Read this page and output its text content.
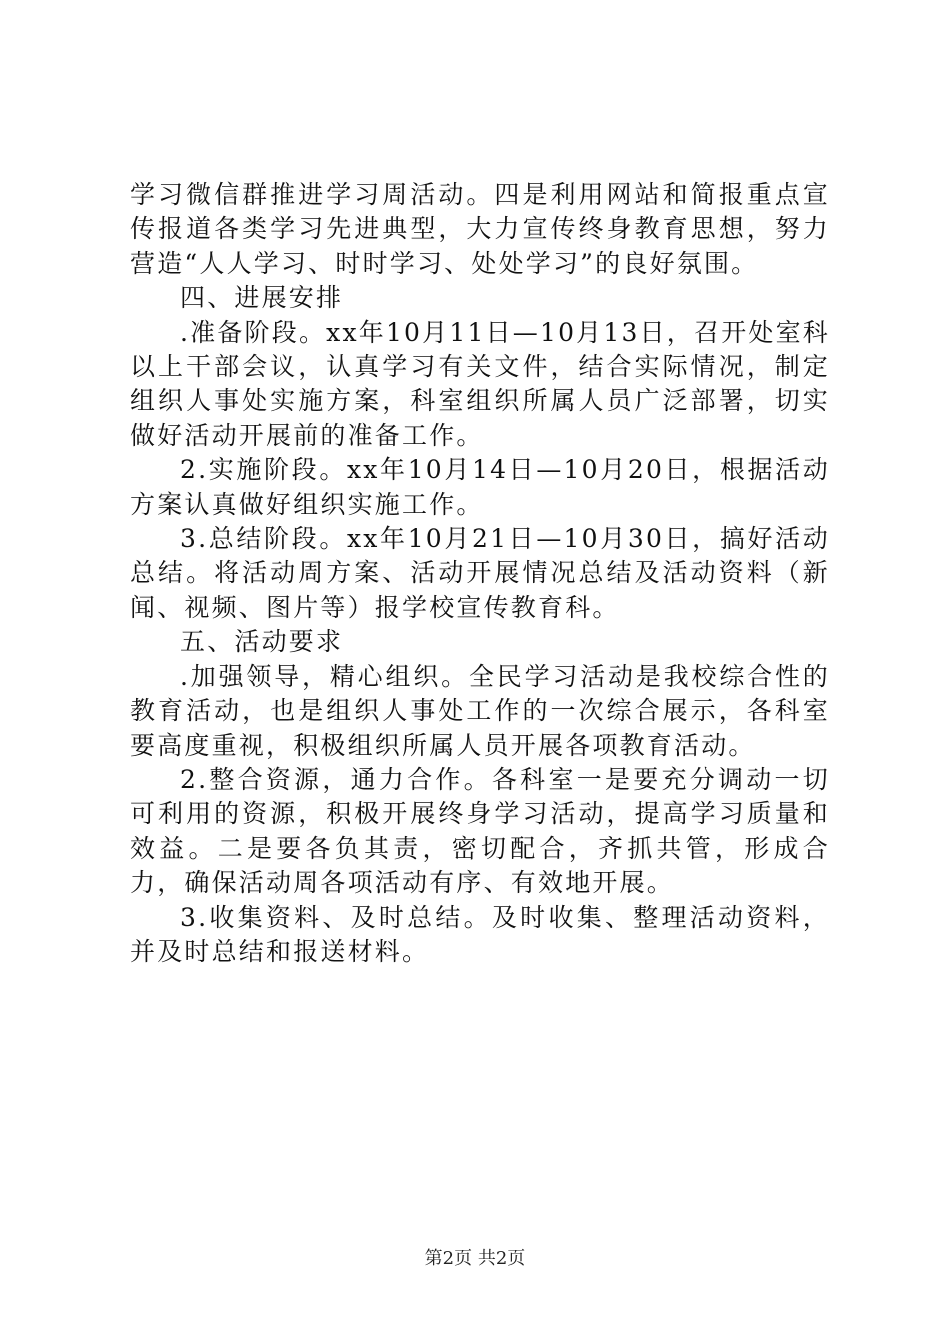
学习微信群推进学习周活动。四是利用网站和简报重点宣传报道各类学习先进典型，大力宣传终身教育思想，努力营造“人人学习、时时学习、处处学习”的良好氛围。

四、进展安排

.准备阶段。xx年10月11日—10月13日，召开处室科以上干部会议，认真学习有关文件，结合实际情况，制定组织人事处实施方案，科室组织所属人员广泛部署，切实做好活动开展前的准备工作。

2.实施阶段。xx年10月14日—10月20日，根据活动方案认真做好组织实施工作。

3.总结阶段。xx年10月21日—10月30日，搞好活动总结。将活动周方案、活动开展情况总结及活动资料（新闻、视频、图片等）报学校宣传教育科。

五、活动要求

.加强领导，精心组织。全民学习活动是我校综合性的教育活动，也是组织人事处工作的一次综合展示，各科室要高度重视，积极组织所属人员开展各项教育活动。

2.整合资源，通力合作。各科室一是要充分调动一切可利用的资源，积极开展终身学习活动，提高学习质量和效益。二是要各负其责，密切配合，齐抓共管，形成合力，确保活动周各项活动有序、有效地开展。

3.收集资料、及时总结。及时收集、整理活动资料，并及时总结和报送材料。

第2页 共2页
